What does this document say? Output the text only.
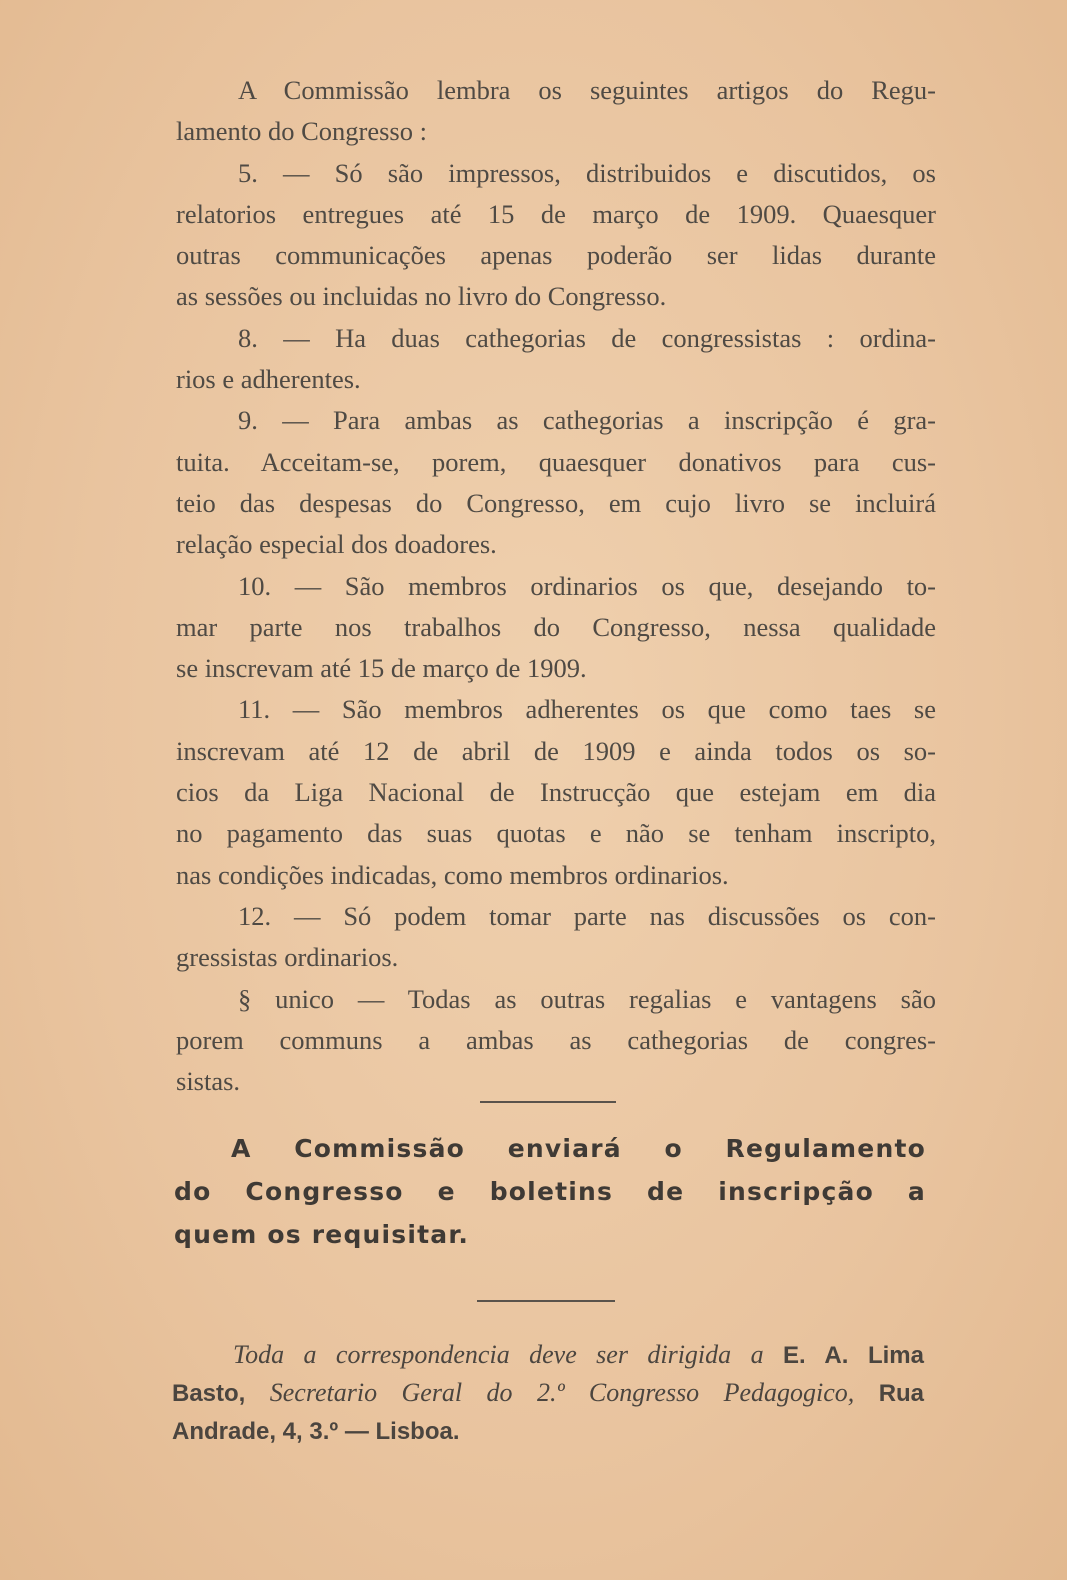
A Commissão lembra os seguintes artigos do Regu-
lamento do Congresso :
5. — Só são impressos, distribuidos e discutidos, os
relatorios entregues até 15 de março de 1909. Quaesquer
outras communicações apenas poderão ser lidas durante
as sessões ou incluidas no livro do Congresso.
8. — Ha duas cathegorias de congressistas : ordina-
rios e adherentes.
9. — Para ambas as cathegorias a inscripção é gra-
tuita. Acceitam-se, porem, quaesquer donativos para cus-
teio das despesas do Congresso, em cujo livro se incluirá
relação especial dos doadores.
10. — São membros ordinarios os que, desejando to-
mar parte nos trabalhos do Congresso, nessa qualidade
se inscrevam até 15 de março de 1909.
11. — São membros adherentes os que como taes se
inscrevam até 12 de abril de 1909 e ainda todos os so-
cios da Liga Nacional de Instrucção que estejam em dia
no pagamento das suas quotas e não se tenham inscripto,
nas condições indicadas, como membros ordinarios.
12. — Só podem tomar parte nas discussões os con-
gressistas ordinarios.
§ unico — Todas as outras regalias e vantagens são
porem communs a ambas as cathegorias de congres-
sistas.
A Commissão enviará o Regulamento
do Congresso e boletins de inscripção a
quem os requisitar.
Toda a correspondencia deve ser dirigida a E. A. Lima
Basto, Secretario Geral do 2.º Congresso Pedagogico, Rua
Andrade, 4, 3.º — Lisboa.
